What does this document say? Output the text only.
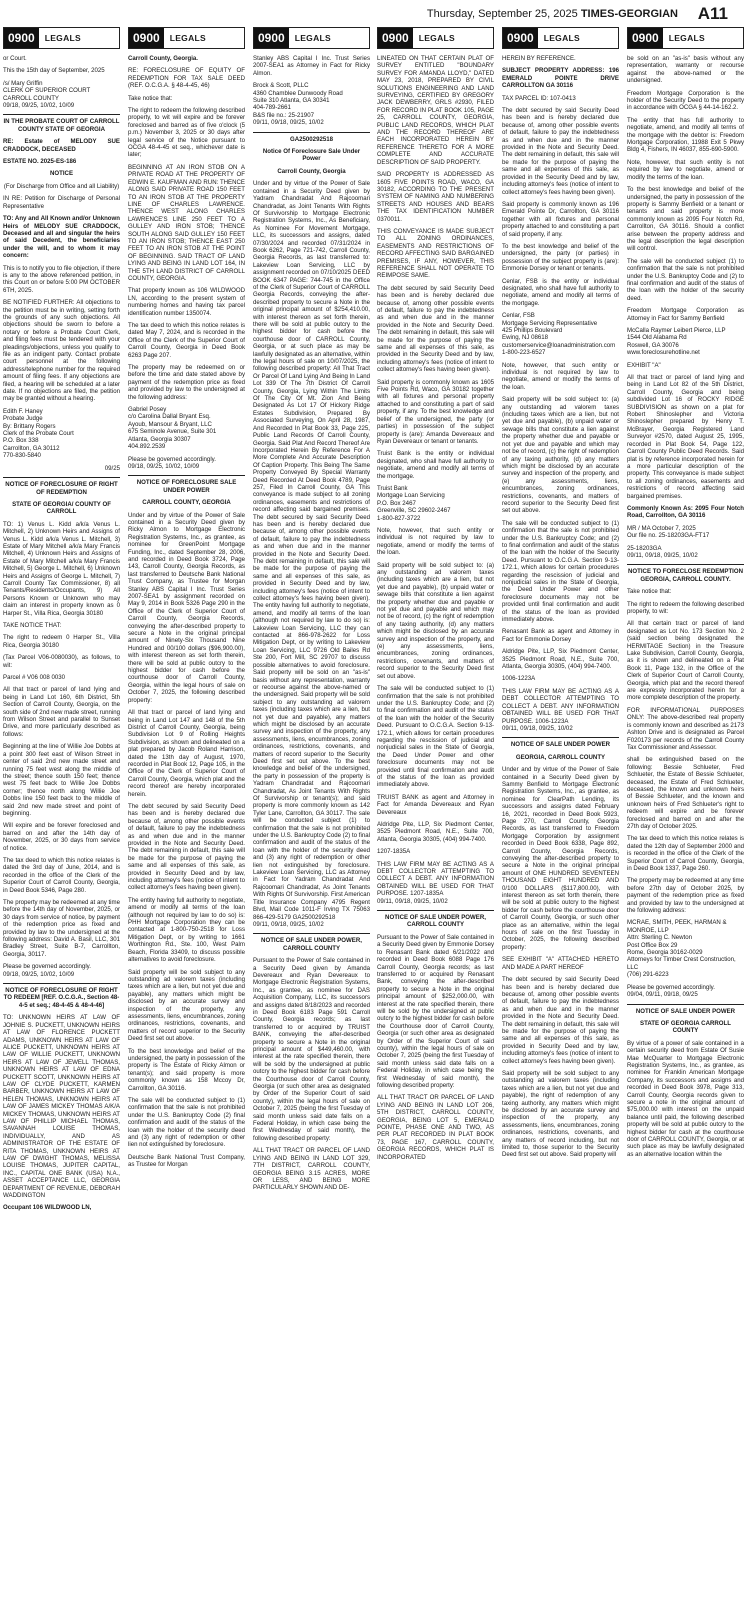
Thursday, September 25, 2025 TIMES-GEORGIAN A11
0900	LEGALS	0900	LEGALS	0900	LEGALS	0900	LEGALS	0900	LEGALS	0900	LEGALS

or Court.

This the 15th day of September, 2025

/s/ Mary Griffin
CLERK OF SUPERIOR COURT
CARROLL COUNTY
09/18, 09/25, 10/02, 10/09

IN THE PROBATE COURT OF CARROLL COUNTY STATE OF GEORGIA

RE: Estate of MELODY SUE CRADDOCK, DECEASED

ESTATE NO. 2025-ES-186

NOTICE

(For Discharge from Office and all Liability)

IN RE: Petition for Discharge of Personal Representative

TO: Any and All Known and/or Unknown Heirs of MELODY SUE CRADDOCK, Deceased and all and singular the heirs of said Decedent, the beneficiaries under the will, and to whom it may concern:

This is to notify you to file objection, if there is any to the above referenced petition, in this Court on or before 5:00 PM OCTOBER 6TH, 2025.

BE NOTIFIED FURTHER: All objections to the petition must be in writing, setting forth the grounds of any such objections. All objections should be sworn to before a notary or before a Probate Court Clerk, and filing fees must be tendered with your pleadings/objections, unless you qualify to file as an indigent party. Contact probate court personnel at the following address/telephone number for the required amount of filing fees. If any objections are filed, a hearing will be scheduled at a later date. If no objections are filed, the petition may be granted without a hearing.

Edith F. Haney
Probate Judge
By: Brittany Rogers
Clerk of the Probate Court
P.O. Box 338
Carrollton, GA 30112
770-830-5840

09/25

NOTICE OF FORECLOSURE OF RIGHT OF REDEMPTION

STATE OF GEORGIA/ COUNTY OF CARROLL

TO: 1) Venus L. Kidd a/k/a Venus L. Mitchell, 2) Unknown Heirs and Assigns of Venus L. Kidd a/k/a Venus L. Mitchell, 3) Estate of Mary Mitchell a/k/a Mary Francis Mitchell, 4) Unknown Heirs and Assigns of Estate of Mary Mitchell a/k/a Mary Francis Mitchell, 5) George L. Mitchell, 6) Unknown Heirs and Assigns of George L. Mitchell, 7) Carroll County Tax Commissioner, 8) all Tenants/Residents/Occupants, 9) All Persons Known or Unknown who may claim an interest in property known as 0 Harper St., Villa Rica, Georgia 30180

TAKE NOTICE THAT:

The right to redeem 0 Harper St., Villa Rica, Georgia 30180

(Tax Parcel V06-0080030), as follows, to wit:

Parcel # V06 008 0030

All that tract or parcel of land lying and being in Land Lot 160, 6th District, 5th Section of Carroll County, Georgia, on the south side of 2nd new made street, running from Wilson Street and parallel to Sunset Drive, and more particularly described as follows:

Beginning at the line of Willie Joe Dobbs at a point 300 feet east of Wilson Street in center of said 2nd new made street and running 75 feet west along the middle of the street; thence south 150 feet; thence west 75 feet back to Willie Joe Dobbs corner; thence north along Willie Joe Dobbs line 150 feet back to the middle of said 2nd new made street and point of beginning.

Will expire and be forever foreclosed and barred on and after the 14th day of November, 2025, or 30 days from service of notice.

The tax deed to which this notice relates is dated the 3rd day of June, 2014, and is recorded in the office of the Clerk of the Superior Court of Carroll County, Georgia, in Deed Book 5346, Page 280.

The property may be redeemed at any time before the 14th day of November, 2025, or 30 days from service of notice, by payment of the redemption price as fixed and provided by law to the undersigned at the following address: David A. Basil, LLC, 301 Bradley Street, Suite B-7, Carrollton, Georgia, 30117.

Please be governed accordingly.
09/18, 09/25, 10/02, 10/09

NOTICE OF FORECLOSURE OF RIGHT TO REDEEM [REF. O.C.G.A., Section 48-4-5 et seq.; 48-4-45 & 48-4-46]

TO: UNKNOWN HEIRS AT LAW OF JOHNIE S. PUCKETT, UNKNOWN HEIRS AT LAW OF FLORENCE PUCKETT ADAMS, UNKNOWN HEIRS AT LAW OF ALICE PUCKETT, UNKNOWN HEIRS AT LAW OF WILLIE PUCKETT, UNKNOWN HEIRS AT LAW OF JEWELL THOMAS, UNKNOWN HEIRS AT LAW OF EDNA PUCKETT SCOTT, UNKNOWN HEIRS AT LAW OF CLYDE PUCKETT, KARMEN BARBER, UNKNOWN HEIRS AT LAW OF HELEN THOMAS, UNKNOWN HEIRS AT LAW OF JAMES MICKEY THOMAS A/K/A MICKEY THOMAS, UNKNOWN HEIRS AT LAW OF PHILLIP MICHAEL THOMAS, SAVANNAH LOUISE THOMAS, INDIVIDUALLY, AND AS ADMINISTRATOR OF THE ESTATE OF RITA THOMAS, UNKNOWN HEIRS AT LAW OF DWIGHT THOMAS, MELISSA LOUISE THOMAS, JUPITER CAPITAL, INC., CAPITAL ONE BANK (USA) N.A., ASSET ACCEPTANCE LLC, GEORGIA DEPARTMENT OF REVENUE, DEBORAH WADDINGTON

Occupant 106 WILDWOOD LN,

Carroll County, Georgia.

RE: FORECLOSURE OF EQUITY OF REDEMPTION FOR TAX SALE DEED (REF. O.C.G.A. § 48-4-45, 46)

Take notice that:

The right to redeem the following described property, to wit will expire and be forever foreclosed and barred as of five o'clock (5 p.m.) November 3, 2025 or 30 days after legal service of the Notice pursuant to OCGA 48-4-45 et seq., whichever date is later;

BEGINNING AT AN IRON STOB ON A PRIVATE ROAD AT THE PROPERTY OF EDWIN E. KAUFMAN AND RUN: THENCE ALONG SAID PRIVATE ROAD 150 FEET TO AN IRON STOB AT THE PROPERTY LINE OF CHARLES LAWRENCE. THENCE WEST ALONG CHARLES LAWRENCE'S LINE 250 FEET TO A GULLEY AND IRON STOB; THENCE SOUTH ALONG SAID GULLEY 150 FEET TO AN IRON STOB; THENCE EAST 250 FEET TO AN IRON STOB AT THE POINT OF BEGINNING. SAID TRACT OF LAND LYING AND BEING IN LAND LOT 164, IN THE 5TH LAND DISTRICT OF CARROLL COUNTY, GEORGIA.

That property known as 106 WILDWOOD LN, according to the present system of numbering homes and having tax parcel identification number 1350074.

The tax deed to which this notice relates is dated May 7, 2024, and is recorded in the Office of the Clerk of the Superior Court of Carroll County, Georgia in Deed Book 6263 Page 207.

The property may be redeemed on or before the time and date stated above by payment of the redemption price as fixed and provided by law to the undersigned at the following address:

Gabriel Posey
c/o Carolina Dallal Bryant Esq.
Ayoub, Mansour & Bryant, LLC
675 Seminole Avenue, Suite 301
Atlanta, Georgia 30307
404.892.2539

Please be governed accordingly.
09/18, 09/25, 10/02, 10/09

NOTICE OF FORECLOSURE SALE UNDER POWER

CARROLL COUNTY, GEORGIA

Under and by virtue of the Power of Sale contained in a Security Deed given by Ricky Almon to Mortgage Electronic Registration Systems, Inc., as grantee, as nominee for GreenPoint Mortgage Funding, Inc., dated September 28, 2006, and recorded in Deed Book 3724, Page 143, Carroll County, Georgia Records, as last transferred to Deutsche Bank National Trust Company, as Trustee for Morgan Stanley ABS Capital I Inc. Trust Series 2007-SEA1 by assignment recorded on May 9, 2014 in Book 5326 Page 290 in the Office of the Clerk of Superior Court of Carroll County, Georgia Records, conveying the after-described property to secure a Note in the original principal amount of Ninety-Six Thousand Nine Hundred and 00/100 dollars ($96,900.00), with interest thereon as set forth therein, there will be sold at public outcry to the highest bidder for cash before the courthouse door of Carroll County, Georgia, within the legal hours of sale on October 7, 2025, the following described property:

All that tract or parcel of land lying and being in Land Lot 147 and 148 of the 5th District of Carroll County, Georgia, being Subdivision Lot 9 of Rolling Heights Subdivision, as shown and delineated on a plat prepared by Jacob Roland Harrison, dated the 13th day of August, 1970, recorded in Plat Book 12, Page 105, in the Office of the Clerk of Superior Court of Carroll County, Georgia, which plat and the record thereof are hereby incorporated herein.

The debt secured by said Security Deed has been and is hereby declared due because of, among other possible events of default, failure to pay the indebtedness as and when due and in the manner provided in the Note and Security Deed. The debt remaining in default, this sale will be made for the purpose of paying the same and all expenses of this sale, as provided in Security Deed and by law, including attorney's fees (notice of intent to collect attorney's fees having been given).

The entity having full authority to negotiate, amend or modify all terms of the loan (although not required by law to do so) is: PHH Mortgage Corporation they can be contacted at 1-800-750-2518 for Loss Mitigation Dept, or by writing to 1661 Worthington Rd., Ste. 100, West Palm Beach, Florida 33409, to discuss possible alternatives to avoid foreclosure.

Said property will be sold subject to any outstanding ad valorem taxes (including taxes which are a lien, but not yet due and payable), any matters which might be disclosed by an accurate survey and inspection of the property, any assessments, liens, encumbrances, zoning ordinances, restrictions, covenants, and matters of record superior to the Security Deed first set out above.

To the best knowledge and belief of the undersigned, the party in possession of the property is The Estate of Ricky Almon or tenant(s); and said property is more commonly known as 158 Mccoy Dr, Carrollton, GA 30116.

The sale will be conducted subject to (1) confirmation that the sale is not prohibited under the U.S. Bankruptcy Code (2) final confirmation and audit of the status of the loan with the holder of the security deed and (3) any right of redemption or other lien not extinguished by foreclosure.

Deutsche Bank National Trust Company, as Trustee for Morgan

Stanley ABS Capital I Inc. Trust Series 2007-SEA1 as Attorney in Fact for Ricky Almon.

Brock & Scott, PLLC
4360 Chamblee Dunwoody Road
Suite 310 Atlanta, GA 30341
404-789-2661
B&S file no.: 25-21907
09/11, 09/18, 09/25, 10/02

GA2500292518

Notice Of Foreclosure Sale Under Power

Carroll County, Georgia

Under and by virtue of the Power of Sale contained in a Security Deed given by Yadram Chandradat And Rajcoomari Chandradat, as Joint Tenants With Rights Of Survivorship to Mortgage Electronic Registration Systems, Inc., As Beneficiary, As Nominee For Movement Mortgage, LLC, its successors and assigns, dated 07/30/2024 and recorded 07/31/2024 in Book 6262, Page 721-742, Carroll County, Georgia Records, as last transferred to: Lakeview Loan Servicing, LLC by assignment recorded on 07/10/2025 DEED BOOK 6347 PAGE: 744-745 in the Office of the Clerk of Superior Court of CARROLL Georgia Records, conveying the after-described property to secure a Note in the original principal amount of $254,410.00, with interest thereon as set forth therein, there will be sold at public outcry to the highest bidder for cash before the courthouse door of CARROLL County, Georgia, or at such place as may be lawfully designated as an alternative, within the legal hours of sale on 10/07/2025, the following described property: All That Tract Or Parcel Of Land Lying And Being In Land Lot 339 Of The 7th District Of Carroll County, Georgia, Lying Within The Limits Of The City Of Mt. Zion And Being Designated As Lot 17 Of Hickory Ridge Estates Subdivision, Prepared By Associated Surveying, On April 28, 1987, And Recorded In Plat Book 33, Page 225, Public Land Records Of Carroll County, Georgia. Said Plat And Record Thereof Are Incorporated Herein By Reference For A More Complete And Accurate Description Of Caption Property. This Being The Same Property Conveyed By Special Warranty Deed Recorded At Deed Book 4789, Page 257, Filed In Carroll County, GA This conveyance is made subject to all zoning ordinances, easements and restrictions of record affecting said bargained premises. The debt secured by said Security Deed has been and is hereby declared due because of, among other possible events of default, failure to pay the indebtedness as and when due and in the manner provided in the Note and Security Deed. The debt remaining in default, this sale will be made for the purpose of paying the same and all expenses of this sale, as provided in Security Deed and by law, including attorney's fees (notice of intent to collect attorney's fees having been given). The entity having full authority to negotiate, amend, and modify all terms of the loan (although not required by law to do so) is: Lakeview Loan Servicing, LLC they can contacted at 866-978-2622 for Loss Mitigation Dept, or by writing to Lakeview Loan Servicing, LLC 9726 Old Bailes Rd Ste 200, Fort Mill, SC 29707 to discuss possible alternatives to avoid foreclosure. Said property will be sold on an "as-is" basis without any representation, warranty or recourse against the above-named or the undersigned. Said property will be sold subject to any outstanding ad valorem taxes (including taxes which are a lien, but not yet due and payable), any matters which might be disclosed by an accurate survey and inspection of the property, any assessments, liens, encumbrances, zoning ordinances, restrictions, covenants, and matters of record superior to the Security Deed first set out above. To the best knowledge and belief of the undersigned, the party in possession of the property is Yadram Chandradat and Rajcoomari Chandradat, As Joint Tenants With Rights Of Survivorship or tenant(s); and said property is more commonly known as 142 Tyler Lane, Carrollton, GA 30117. The sale will be conducted subject (1) to confirmation that the sale is not prohibited under the U.S. Bankruptcy Code (2) to final confirmation and audit of the status of the loan with the holder of the security deed and (3) any right of redemption or other lien not extinguished by foreclosure. Lakeview Loan Servicing, LLC as Attorney in Fact for Yadram Chandradat And Rajcoomari Chandradat, As Joint Tenants With Rights Of Survivorship. First American Title Insurance Company 4795 Regent Blvd, Mail Code 1011-F Irving TX 75063 866-429-5179 GA2500292518
09/11, 09/18, 09/25, 10/02

NOTICE OF SALE UNDER POWER, CARROLL COUNTY

Pursuant to the Power of Sale contained in a Security Deed given by Amanda Devereaux and Ryan Devereaux to Mortgage Electronic Registration Systems, Inc., as grantee, as nominee for DAS Acquisition Company, LLC, its successors and assigns dated 8/18/2023 and recorded in Deed Book 6183 Page 591 Carroll County, Georgia records; as last transferred to or acquired by TRUIST BANK, conveying the after-described property to secure a Note in the original principal amount of $449,460.00, with interest at the rate specified therein, there will be sold by the undersigned at public outcry to the highest bidder for cash before the Courthouse door of Carroll County, Georgia (or such other area as designated by Order of the Superior Court of said county), within the legal hours of sale on October 7, 2025 (being the first Tuesday of said month unless said date falls on a Federal Holiday, in which case being the first Wednesday of said month), the following described property:

ALL THAT TRACT OR PARCEL OF LAND LYING AND BEING IN LAND LOT 329, 7TH DISTRICT, CARROLL COUNTY, GEORGIA BEING 3.15 ACRES, MORE OR LESS, AND BEING MORE PARTICULARLY SHOWN AND DE-

LINEATED ON THAT CERTAIN PLAT OF SURVEY ENTITLED "BOUNDARY SURVEY FOR AMANDA LLOYD," DATED MAY 23, 2018, PREPARED BY CIVIL SOLUTIONS ENGINEERING AND LAND SURVEYING, CERTIFIED BY GREGORY JACK DEWBERRY, GRLS #2930, FILED FOR RECORD IN PLAT BOOK 105, PAGE 25, CARROLL COUNTY, GEORGIA, PUBLIC LAND RECORDS, WHICH PLAT AND THE RECORD THEREOF ARE EACH INCORPORATED HEREIN BY REFERENCE THERETO FOR A MORE COMPLETE AND ACCURATE DESCRIPTION OF SAID PROPERTY.

SAID PROPERTY IS ADDRESSED AS 1605 FIVE POINTS ROAD, WACO, GA 30182, ACCORDING TO THE PRESENT SYSTEM OF NAMING AND NUMBERING STREETS AND HOUSES AND BEARS THE TAX IDENTIFICATION NUMBER 0370011.

THIS CONVEYANCE IS MADE SUBJECT TO ALL ZONING ORDINANCES, EASEMENTS AND RESTRICTIONS OF RECORD AFFECTING SAID BARGAINED PREMISES, IF ANY, HOWEVER, THIS REFERENCE SHALL NOT OPERATE TO REIMPOSE SAME.

The debt secured by said Security Deed has been and is hereby declared due because of, among other possible events of default, failure to pay the indebtedness as and when due and in the manner provided in the Note and Security Deed. The debt remaining in default, this sale will be made for the purpose of paying the same and all expenses of this sale, as provided in the Security Deed and by law, including attorney's fees (notice of intent to collect attorney's fees having been given).

Said property is commonly known as 1605 Five Points Rd, Waco, GA 30182 together with all fixtures and personal property attached to and constituting a part of said property, if any. To the best knowledge and belief of the undersigned, the party (or parties) in possession of the subject property is (are): Amanda Devereaux and Ryan Devereaux or tenant or tenants.

Truist Bank is the entity or individual designated, who shall have full authority to negotiate, amend and modify all terms of the mortgage.

Truist Bank
Mortgage Loan Servicing
P.O. Box 2467
Greenville, SC 29602-2467
1-800-827-3722

Note, however, that such entity or individual is not required by law to negotiate, amend or modify the terms of the loan.

Said property will be sold subject to: (a) any outstanding ad valorem taxes (including taxes which are a lien, but not yet due and payable), (b) unpaid water or sewage bills that constitute a lien against the property whether due and payable or not yet due and payable and which may not be of record, (c) the right of redemption of any taxing authority, (d) any matters which might be disclosed by an accurate survey and inspection of the property, and (e) any assessments, liens, encumbrances, zoning ordinances, restrictions, covenants, and matters of record superior to the Security Deed first set out above.

The sale will be conducted subject to (1) confirmation that the sale is not prohibited under the U.S. Bankruptcy Code; and (2) to final confirmation and audit of the status of the loan with the holder of the Security Deed. Pursuant to O.C.G.A. Section 9-13-172.1, which allows for certain procedures regarding the rescission of judicial and nonjudicial sales in the State of Georgia, the Deed Under Power and other foreclosure documents may not be provided until final confirmation and audit of the status of the loan as provided immediately above.

TRUIST BANK as agent and Attorney in Fact for Amanda Devereaux and Ryan Devereaux

Aldridge Pite, LLP, Six Piedmont Center, 3525 Piedmont Road, N.E., Suite 700, Atlanta, Georgia 30305, (404) 994-7400.

1207-1835A

THIS LAW FIRM MAY BE ACTING AS A DEBT COLLECTOR ATTEMPTING TO COLLECT A DEBT. ANY INFORMATION OBTAINED WILL BE USED FOR THAT PURPOSE. 1207-1835A
09/11, 09/18, 09/25, 10/02

NOTICE OF SALE UNDER POWER, CARROLL COUNTY

Pursuant to the Power of Sale contained in a Security Deed given by Emmonie Dorsey to Renasant Bank dated 6/21/2022 and recorded in Deed Book 6088 Page 176 Carroll County, Georgia records; as last transferred to or acquired by Renasant Bank, conveying the after-described property to secure a Note in the original principal amount of $252,000.00, with interest at the rate specified therein, there will be sold by the undersigned at public outcry to the highest bidder for cash before the Courthouse door of Carroll County, Georgia (or such other area as designated by Order of the Superior Court of said county), within the legal hours of sale on October 7, 2025 (being the first Tuesday of said month unless said date falls on a Federal Holiday, in which case being the first Wednesday of said month), the following described property:

ALL THAT TRACT OR PARCEL OF LAND LYING AND BEING IN LAND LOT 206, 5TH DISTRICT, CARROLL COUNTY, GEORGIA, BEING LOT 5, EMERALD POINTE, PHASE ONE AND TWO, AS PER PLAT RECORDED IN PLAT BOOK 73, PAGE 167, CARROLL COUNTY, GEORGIA RECORDS, WHICH PLAT IS INCORPORATED

HEREIN BY REFERENCE.

SUBJECT PROPERTY ADDRESS: 196 EMERALD POINTE DRIVE CARROLLTON GA 30116

TAX PARCEL ID: 107-0413

The debt secured by said Security Deed has been and is hereby declared due because of, among other possible events of default, failure to pay the indebtedness as and when due and in the manner provided in the Note and Security Deed. The debt remaining in default, this sale will be made for the purpose of paying the same and all expenses of this sale, as provided in the Security Deed and by law, including attorney's fees (notice of intent to collect attorney's fees having been given).

Said property is commonly known as 196 Emerald Pointe Dr, Carrollton, GA 30116 together with all fixtures and personal property attached to and constituting a part of said property, if any.

To the best knowledge and belief of the undersigned, the party (or parties) in possession of the subject property is (are): Emmonie Dorsey or tenant or tenants.

Cenlar, FSB is the entity or individual designated, who shall have full authority to negotiate, amend and modify all terms of the mortgage.

Cenlar, FSB
Mortgage Servicing Representative
425 Phillips Boulevard
Ewing, NJ 08618
customerservice@loanadministration.com
1-800-223-6527

Note, however, that such entity or individual is not required by law to negotiate, amend or modify the terms of the loan.

Said property will be sold subject to: (a) any outstanding ad valorem taxes (including taxes which are a lien, but not yet due and payable), (b) unpaid water or sewage bills that constitute a lien against the property whether due and payable or not yet due and payable and which may not be of record, (c) the right of redemption of any taxing authority, (d) any matters which might be disclosed by an accurate survey and inspection of the property, and (e) any assessments, liens, encumbrances, zoning ordinances, restrictions, covenants, and matters of record superior to the Security Deed first set out above.

The sale will be conducted subject to (1) confirmation that the sale is not prohibited under the U.S. Bankruptcy Code; and (2) to final confirmation and audit of the status of the loan with the holder of the Security Deed. Pursuant to O.C.G.A. Section 9-13-172.1, which allows for certain procedures regarding the rescission of judicial and nonjudicial sales in the State of Georgia, the Deed Under Power and other foreclosure documents may not be provided until final confirmation and audit of the status of the loan as provided immediately above.

Renasant Bank as agent and Attorney in Fact for Emmonie Dorsey

Aldridge Pite, LLP, Six Piedmont Center, 3525 Piedmont Road, N.E., Suite 700, Atlanta, Georgia 30305, (404) 994-7400.

1006-1223A

THIS LAW FIRM MAY BE ACTING AS A DEBT COLLECTOR ATTEMPTING TO COLLECT A DEBT. ANY INFORMATION OBTAINED WILL BE USED FOR THAT PURPOSE. 1006-1223A
09/11, 09/18, 09/25, 10/02

NOTICE OF SALE UNDER POWER

GEORGIA, CARROLL COUNTY

Under and by virtue of the Power of Sale contained in a Security Deed given by Sammy Benfield to Mortgage Electronic Registration Systems, Inc., as grantee, as nominee for ClearPath Lending, its successors and assigns dated February 16, 2021, recorded in Deed Book 5923, Page 270, Carroll County, Georgia Records, as last transferred to Freedom Mortgage Corporation by assignment recorded in Deed Book 6338, Page 892, Carroll County, Georgia Records, conveying the after-described property to secure a Note in the original principal amount of ONE HUNDRED SEVENTEEN THOUSAND EIGHT HUNDRED AND 0/100 DOLLARS ($117,800.00), with interest thereon as set forth therein, there will be sold at public outcry to the highest bidder for cash before the courthouse door of Carroll County, Georgia, or such other place as an alternative, within the legal hours of sale on the first Tuesday in October, 2025, the following described property:

SEE EXHIBIT "A" ATTACHED HERETO AND MADE A PART HEREOF

The debt secured by said Security Deed has been and is hereby declared due because of, among other possible events of default, failure to pay the indebtedness as and when due and in the manner provided in the Note and Security Deed. The debt remaining in default, this sale will be made for the purpose of paying the same and all expenses of this sale, as provided in Security Deed and by law, including attorney's fees (notice of intent to collect attorney's fees having been given).

Said property will be sold subject to any outstanding ad valorem taxes (including taxes which are a lien, but not yet due and payable), the right of redemption of any taxing authority, any matters which might be disclosed by an accurate survey and inspection of the property, any assessments, liens, encumbrances, zoning ordinances, restrictions, covenants, and any matters of record including, but not limited to, those superior to the Security Deed first set out above. Said property will

be sold on an "as-is" basis without any representation, warranty or recourse against the above-named or the undersigned.

Freedom Mortgage Corporation is the holder of the Security Deed to the property in accordance with OCGA § 44-14-162.2.

The entity that has full authority to negotiate, amend, and modify all terms of the mortgage with the debtor is: Freedom Mortgage Corporation, 11988 Exit 5 Pkwy Bldg 4, Fishers, IN 46037, 855-690-5900.

Note, however, that such entity is not required by law to negotiate, amend or modify the terms of the loan.

To the best knowledge and belief of the undersigned, the party in possession of the property is Sammy Benfield or a tenant or tenants and said property is more commonly known as 2095 Four Notch Rd, Carrollton, GA 30116. Should a conflict arise between the property address and the legal description the legal description will control.

The sale will be conducted subject (1) to confirmation that the sale is not prohibited under the U.S. Bankruptcy Code and (2) to final confirmation and audit of the status of the loan with the holder of the security deed.

Freedom Mortgage Corporation as Attorney in Fact for Sammy Benfield

McCalla Raymer Leibert Pierce, LLP
1544 Old Alabama Rd
Roswell, GA 30076
www.foreclosurehotline.net

EXHIBIT "A"

All that tract or parcel of land lying and being in Land Lot 82 of the 5th District, Carroll County, Georgia and being subdivided Lot 16 of ROCKY RIDGE SUBDIVISION as shown on a plat for Robert Shinoslepher and Victoria Shinoslepher prepared by Henry T. McBrayer, Georgia Registered Land Surveyor #2570, dated August 25, 1995, recorded in Plat Book 54, Page 122, Carroll County Public Deed Records. Said plat is by reference incorporated herein for a more particular description of the property. This conveyance is made subject to all zoning ordinances, easements and restrictions of record affecting said bargained premises.

Commonly Known As: 2095 Four Notch Road, Carrollton, GA 30116

MR / MA October 7, 2025
Our file no. 25-18203GA-FT17

25-18203GA
09/11, 09/18, 09/25, 10/02

NOTICE TO FORECLOSE REDEMPTION GEORGIA, CARROLL COUNTY.

Take notice that:

The right to redeem the following described property, to wit:

All that certain tract or parcel of land designated as Lot No. 173 Section No. 2 (said section being designated the HERMITAGE Section) in the Treasure Lake Subdivision, Carroll County, Georgia, as it is shown and delineated on a Plat Book 11, Page 132, in the Office of the Clerk of Superior Court of Carroll County, Georgia, which plat and the record thereof are expressly incorporated herein for a more complete description of the property.

FOR INFORMATIONAL PURPOSES ONLY: The above-described real property is commonly known and described as 2173 Ashton Drive and is designated as Parcel F020173 per records of the Carroll County Tax Commissioner and Assessor.

shall be extinguished based on the following: Bessie Schlueter, Fred Schlueter, the Estate of Bessie Schlueter, deceased, the Estate of Fred Schlueter, deceased, the known and unknown heirs of Bessie Schlueter, and the known and unknown heirs of Fred Schlueter's right to redeem will expire and be forever foreclosed and barred on and after the 27th day of October 2025.

The tax deed to which this notice relates is dated the 12th day of September 2000 and is recorded in the office of the Clerk of the Superior Court of Carroll County, Georgia, in Deed Book 1337, Page 260.

The property may be redeemed at any time before 27th day of October 2025, by payment of the redemption price as fixed and provided by law to the undersigned at the following address:

MCRAE, SMITH, PEEK, HARMAN & MONROE, LLP
Attn: Sterling C. Newton
Post Office Box 29
Rome, Georgia 30162-0029
Attorneys for Timber Crest Construction, LLC
(706) 291-6223

Please be governed accordingly.
09/04, 09/11, 09/18, 09/25

NOTICE OF SALE UNDER POWER

STATE OF GEORGIA CARROLL COUNTY

By virtue of a power of sale contained in a certain security deed from Estate Of Susie Mae McQuarter to Mortgage Electronic Registration Systems, Inc., as grantee, as nominee for Franklin American Mortgage Company, its successors and assigns and recorded in Deed Book 3978, Page 313, Carroll County, Georgia records given to secure a note in the original amount of $75,000.00 with interest on the unpaid balance until paid, the following described property will be sold at public outcry to the highest bidder for cash at the courthouse door of CARROLL COUNTY, Georgia, or at such place as may be lawfully designated as an alternative location within the
